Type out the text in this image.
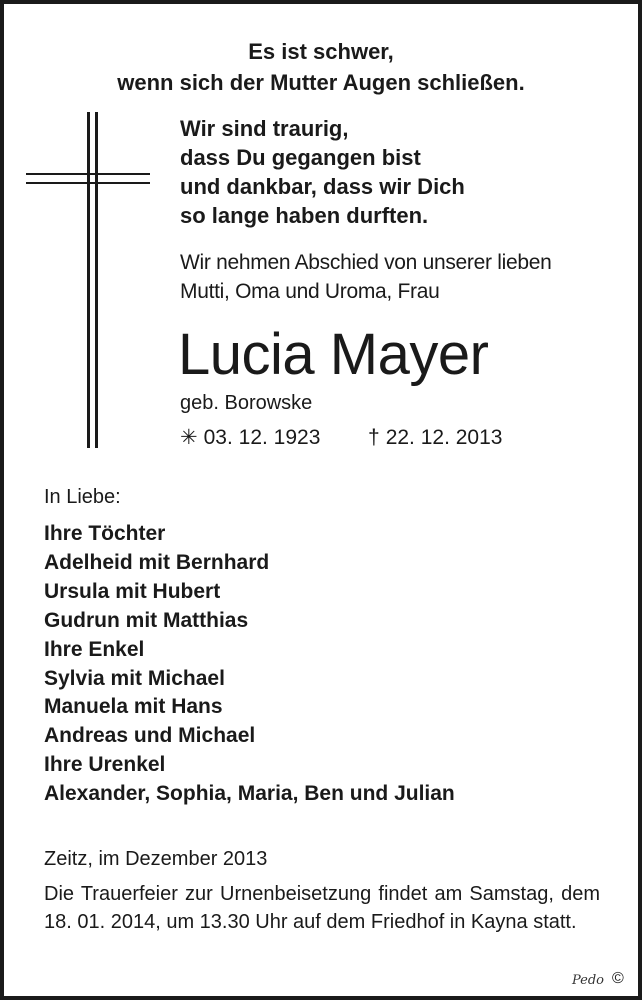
Es ist schwer,
wenn sich der Mutter Augen schließen.
Wir sind traurig,
dass Du gegangen bist
und dankbar, dass wir Dich
so lange haben durften.
Wir nehmen Abschied von unserer lieben
Mutti, Oma und Uroma, Frau
Lucia Mayer
geb. Borowske
✳ 03. 12. 1923 † 22. 12. 2013
In Liebe:
Ihre Töchter
Adelheid mit Bernhard
Ursula mit Hubert
Gudrun mit Matthias
Ihre Enkel
Sylvia mit Michael
Manuela mit Hans
Andreas und Michael
Ihre Urenkel
Alexander, Sophia, Maria, Ben und Julian
Zeitz, im Dezember 2013
Die Trauerfeier zur Urnenbeisetzung findet am Samstag, dem 18. 01. 2014, um 13.30 Uhr auf dem Friedhof in Kayna statt.
Pedo ©
